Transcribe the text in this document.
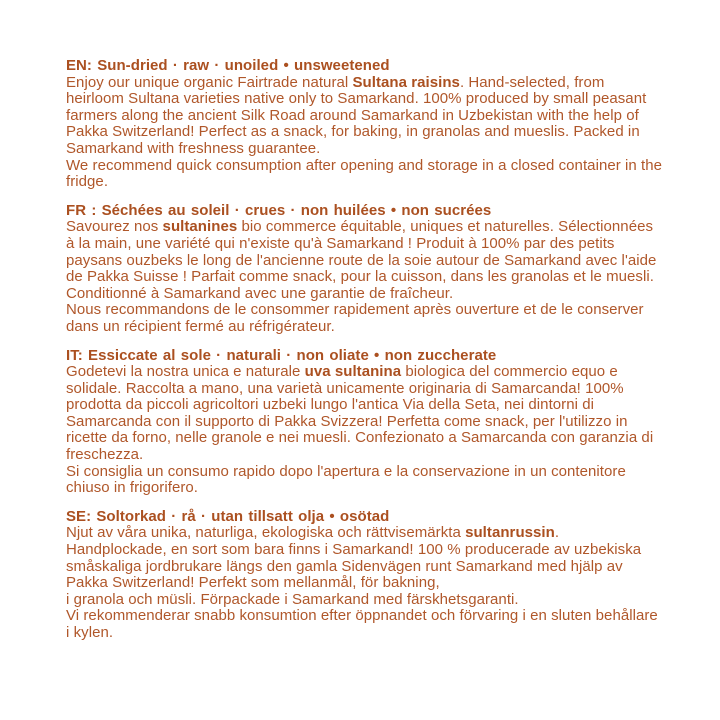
EN: Sun-dried · raw · unoiled • unsweetened

Enjoy our unique organic Fairtrade natural Sultana raisins. Hand-selected, from heirloom Sultana varieties native only to Samarkand. 100% produced by small peasant farmers along the ancient Silk Road around Samarkand in Uzbekistan with the help of Pakka Switzerland! Perfect as a snack, for baking, in granolas and mueslis. Packed in Samarkand with freshness guarantee.

We recommend quick consumption after opening and storage in a closed container in the fridge.

FR : Séchées au soleil · crues · non huilées • non sucrées

Savourez nos sultanines bio commerce équitable, uniques et naturelles. Sélectionnées à la main, une variété qui n'existe qu'à Samarkand ! Produit à 100% par des petits paysans ouzbeks le long de l'ancienne route de la soie autour de Samarkand avec l'aide de Pakka Suisse ! Parfait comme snack, pour la cuisson, dans les granolas et le muesli. Conditionné à Samarkand avec une garantie de fraîcheur.

Nous recommandons de le consommer rapidement après ouverture et de le conserver dans un récipient fermé au réfrigérateur.

IT: Essiccate al sole · naturali · non oliate • non zuccherate

Godetevi la nostra unica e naturale uva sultanina biologica del commercio equo e solidale. Raccolta a mano, una varietà unicamente originaria di Samarcanda! 100% prodotta da piccoli agricoltori uzbeki lungo l'antica Via della Seta, nei dintorni di Samarcanda con il supporto di Pakka Svizzera! Perfetta come snack, per l'utilizzo in ricette da forno, nelle granole e nei muesli. Confezionato a Samarcanda con garanzia di freschezza.

Si consiglia un consumo rapido dopo l'apertura e la conservazione in un contenitore chiuso in frigorifero.

SE: Soltorkad · rå · utan tillsatt olja • osötad

Njut av våra unika, naturliga, ekologiska och rättvisemärkta sultanrussin. Handplockade, en sort som bara finns i Samarkand! 100 % producerade av uzbekiska småskaliga jordbrukare längs den gamla Sidenvägen runt Samarkand med hjälp av Pakka Switzerland! Perfekt som mellanmål, för bakning,

i granola och müsli. Förpackade i Samarkand med färskhetsgaranti.

Vi rekommenderar snabb konsumtion efter öppnandet och förvaring i en sluten behållare i kylen.
